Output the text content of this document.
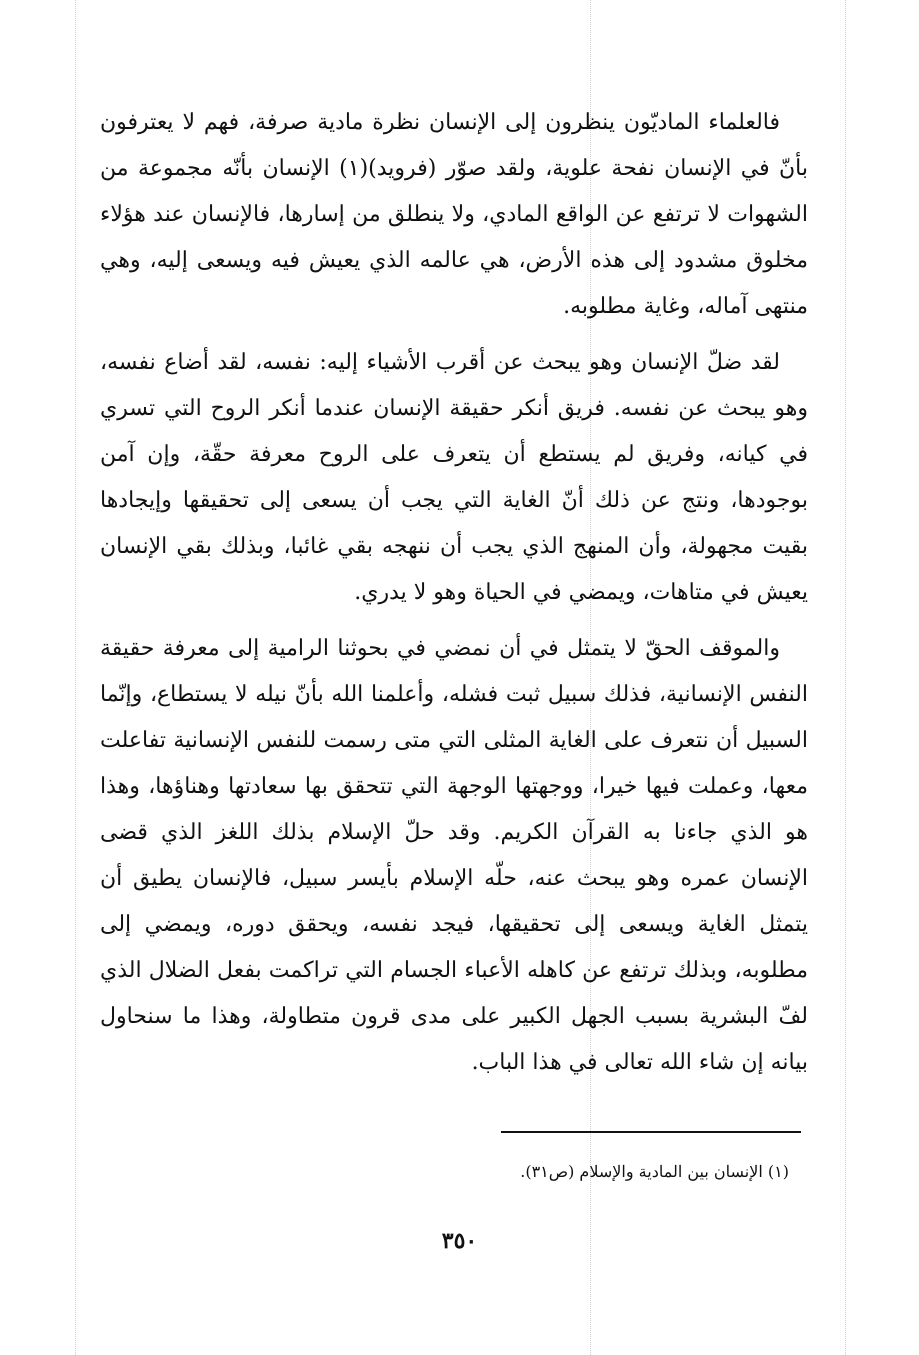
فالعلماء الماديّون ينظرون إلى الإنسان نظرة مادية صرفة، فهم لا يعترفون بأنّ في الإنسان نفحة علوية، ولقد صوّر (فرويد)(١) الإنسان بأنّه مجموعة من الشهوات لا ترتفع عن الواقع المادي، ولا ينطلق من إسارها، فالإنسان عند هؤلاء مخلوق مشدود إلى هذه الأرض، هي عالمه الذي يعيش فيه ويسعى إليه، وهي منتهى آماله، وغاية مطلوبه.

لقد ضلّ الإنسان وهو يبحث عن أقرب الأشياء إليه: نفسه، لقد أضاع نفسه، وهو يبحث عن نفسه. فريق أنكر حقيقة الإنسان عندما أنكر الروح التي تسري في كيانه، وفريق لم يستطع أن يتعرف على الروح معرفة حقّة، وإن آمن بوجودها، ونتج عن ذلك أنّ الغاية التي يجب أن يسعى إلى تحقيقها وإيجادها بقيت مجهولة، وأن المنهج الذي يجب أن ننهجه بقي غائبا، وبذلك بقي الإنسان يعيش في متاهات، ويمضي في الحياة وهو لا يدري.

والموقف الحقّ لا يتمثل في أن نمضي في بحوثنا الرامية إلى معرفة حقيقة النفس الإنسانية، فذلك سبيل ثبت فشله، وأعلمنا الله بأنّ نيله لا يستطاع، وإنّما السبيل أن نتعرف على الغاية المثلى التي متى رسمت للنفس الإنسانية تفاعلت معها، وعملت فيها خيرا، ووجهتها الوجهة التي تتحقق بها سعادتها وهناؤها، وهذا هو الذي جاءنا به القرآن الكريم. وقد حلّ الإسلام بذلك اللغز الذي قضى الإنسان عمره وهو يبحث عنه، حلّه الإسلام بأيسر سبيل، فالإنسان يطيق أن يتمثل الغاية ويسعى إلى تحقيقها، فيجد نفسه، ويحقق دوره، ويمضي إلى مطلوبه، وبذلك ترتفع عن كاهله الأعباء الجسام التي تراكمت بفعل الضلال الذي لفّ البشرية بسبب الجهل الكبير على مدى قرون متطاولة، وهذا ما سنحاول بيانه إن شاء الله تعالى في هذا الباب.

(١) الإنسان بين المادية والإسلام (ص٣١).
٣٥٠
